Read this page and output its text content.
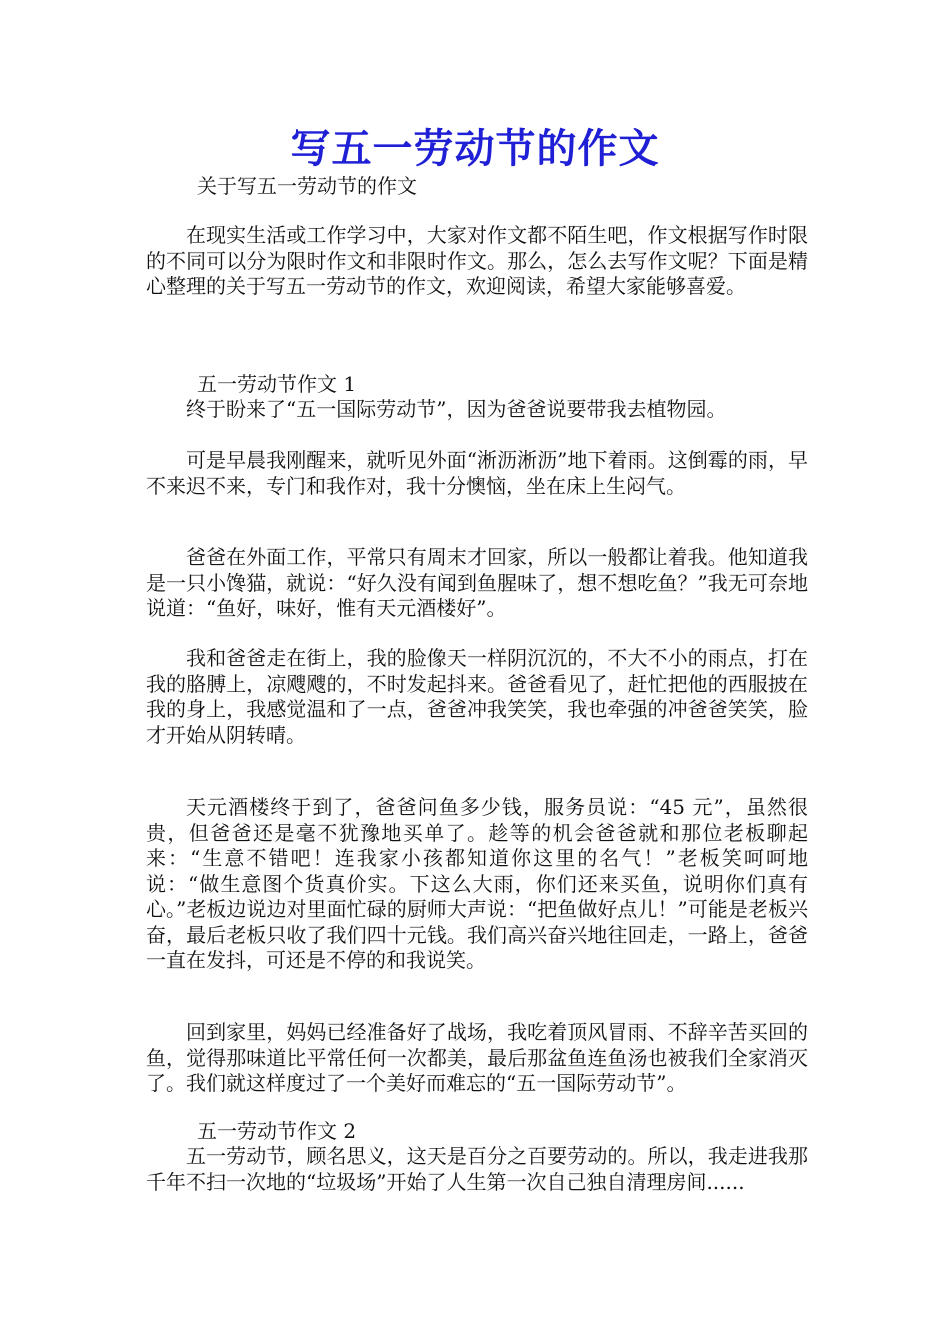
写五一劳动节的作文
关于写五一劳动节的作文

在现实生活或工作学习中，大家对作文都不陌生吧，作文根据写作时限的不同可以分为限时作文和非限时作文。那么，怎么去写作文呢？下面是精心整理的关于写五一劳动节的作文，欢迎阅读，希望大家能够喜爱。

五一劳动节作文 1

终于盼来了“五一国际劳动节”，因为爸爸说要带我去植物园。

可是早晨我刚醒来，就听见外面“淅沥淅沥”地下着雨。这倒霉的雨，早不来迟不来，专门和我作对，我十分懊恼，坐在床上生闷气。

爸爸在外面工作，平常只有周末才回家，所以一般都让着我。他知道我是一只小馋猫，就说：“好久没有闻到鱼腥味了，想不想吃鱼？”我无可奈地说道：“鱼好，味好，惟有天元酒楼好”。

我和爸爸走在街上，我的脸像天一样阴沉沉的，不大不小的雨点，打在我的胳膊上，凉飕飕的，不时发起抖来。爸爸看见了，赶忙把他的西服披在我的身上，我感觉温和了一点，爸爸冲我笑笑，我也牵强的冲爸爸笑笑，脸才开始从阴转晴。

天元酒楼终于到了，爸爸问鱼多少钱，服务员说：“45 元”，虽然很贵，但爸爸还是毫不犹豫地买单了。趁等的机会爸爸就和那位老板聊起来：“生意不错吧！连我家小孩都知道你这里的名气！”老板笑呵呵地说：“做生意图个货真价实。下这么大雨，你们还来买鱼，说明你们真有心。”老板边说边对里面忙碌的厨师大声说：“把鱼做好点儿！”可能是老板兴奋，最后老板只收了我们四十元钱。我们高兴奋兴地往回走，一路上，爸爸一直在发抖，可还是不停的和我说笑。

回到家里，妈妈已经准备好了战场，我吃着顶风冒雨、不辞辛苦买回的鱼，觉得那味道比平常任何一次都美，最后那盆鱼连鱼汤也被我们全家消灭了。我们就这样度过了一个美好而难忘的“五一国际劳动节”。

五一劳动节作文 2

五一劳动节，顾名思义，这天是百分之百要劳动的。所以，我走进我那千年不扫一次地的“垃圾场”开始了人生第一次自己独自清理房间......
